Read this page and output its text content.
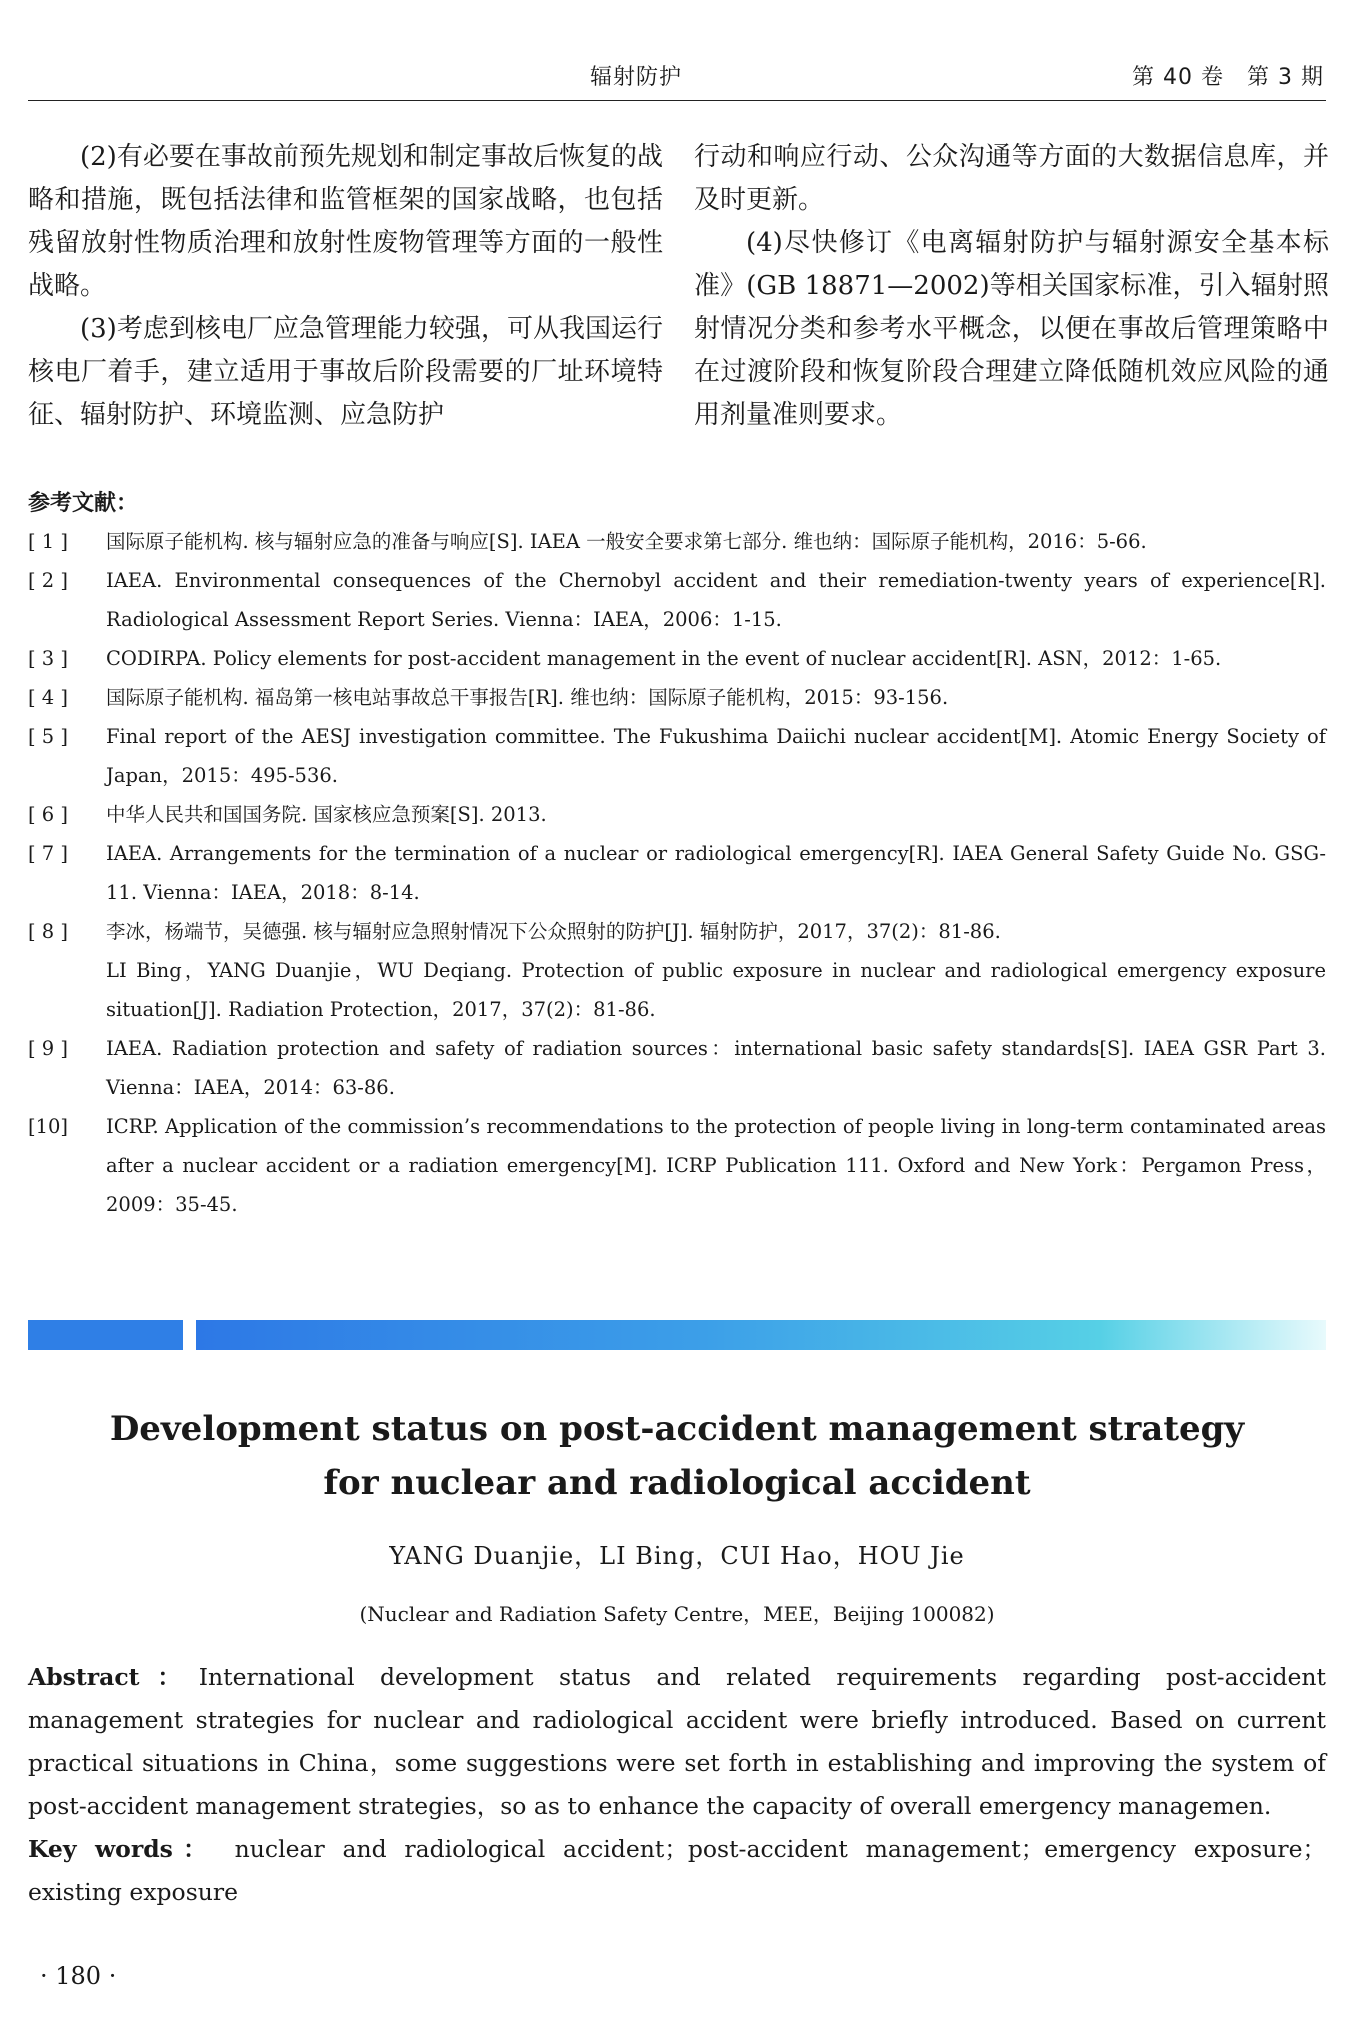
辐射防护	第 40 卷　第 3 期

(2)有必要在事故前预先规划和制定事故后恢复的战略和措施，既包括法律和监管框架的国家战略，也包括残留放射性物质治理和放射性废物管理等方面的一般性战略。

(3)考虑到核电厂应急管理能力较强，可从我国运行核电厂着手，建立适用于事故后阶段需要的厂址环境特征、辐射防护、环境监测、应急防护

行动和响应行动、公众沟通等方面的大数据信息库，并及时更新。

(4)尽快修订《电离辐射防护与辐射源安全基本标准》(GB 18871—2002)等相关国家标准，引入辐射照射情况分类和参考水平概念，以便在事故后管理策略中在过渡阶段和恢复阶段合理建立降低随机效应风险的通用剂量准则要求。

参考文献：
[ 1 ]	国际原子能机构. 核与辐射应急的准备与响应[S]. IAEA 一般安全要求第七部分. 维也纳：国际原子能机构，2016：5-66.
[ 2 ]	IAEA. Environmental consequences of the Chernobyl accident and their remediation-twenty years of experience[R]. Radiological Assessment Report Series. Vienna：IAEA，2006：1-15.
[ 3 ]	CODIRPA. Policy elements for post-accident management in the event of nuclear accident[R]. ASN，2012：1-65.
[ 4 ]	国际原子能机构. 福岛第一核电站事故总干事报告[R]. 维也纳：国际原子能机构，2015：93-156.
[ 5 ]	Final report of the AESJ investigation committee. The Fukushima Daiichi nuclear accident[M]. Atomic Energy Society of Japan，2015：495-536.
[ 6 ]	中华人民共和国国务院. 国家核应急预案[S]. 2013.
[ 7 ]	IAEA. Arrangements for the termination of a nuclear or radiological emergency[R]. IAEA General Safety Guide No. GSG-11. Vienna：IAEA，2018：8-14.
[ 8 ]	李冰，杨端节，吴德强. 核与辐射应急照射情况下公众照射的防护[J]. 辐射防护，2017，37(2)：81-86.
LI Bing，YANG Duanjie，WU Deqiang. Protection of public exposure in nuclear and radiological emergency exposure situation[J]. Radiation Protection，2017，37(2)：81-86.
[ 9 ]	IAEA. Radiation protection and safety of radiation sources：international basic safety standards[S]. IAEA GSR Part 3. Vienna：IAEA，2014：63-86.
[10]	ICRP. Application of the commission’s recommendations to the protection of people living in long-term contaminated areas after a nuclear accident or a radiation emergency[M]. ICRP Publication 111. Oxford and New York：Pergamon Press，2009：35-45.
Development status on post-accident management strategy
for nuclear and radiological accident
YANG Duanjie，LI Bing，CUI Hao，HOU Jie
(Nuclear and Radiation Safety Centre，MEE，Beijing 100082)

Abstract：International development status and related requirements regarding post-accident management strategies for nuclear and radiological accident were briefly introduced. Based on current practical situations in China，some suggestions were set forth in establishing and improving the system of post-accident management strategies，so as to enhance the capacity of overall emergency managemen.

Key words： nuclear and radiological accident；post-accident management；emergency exposure；existing exposure

· 180 ·
